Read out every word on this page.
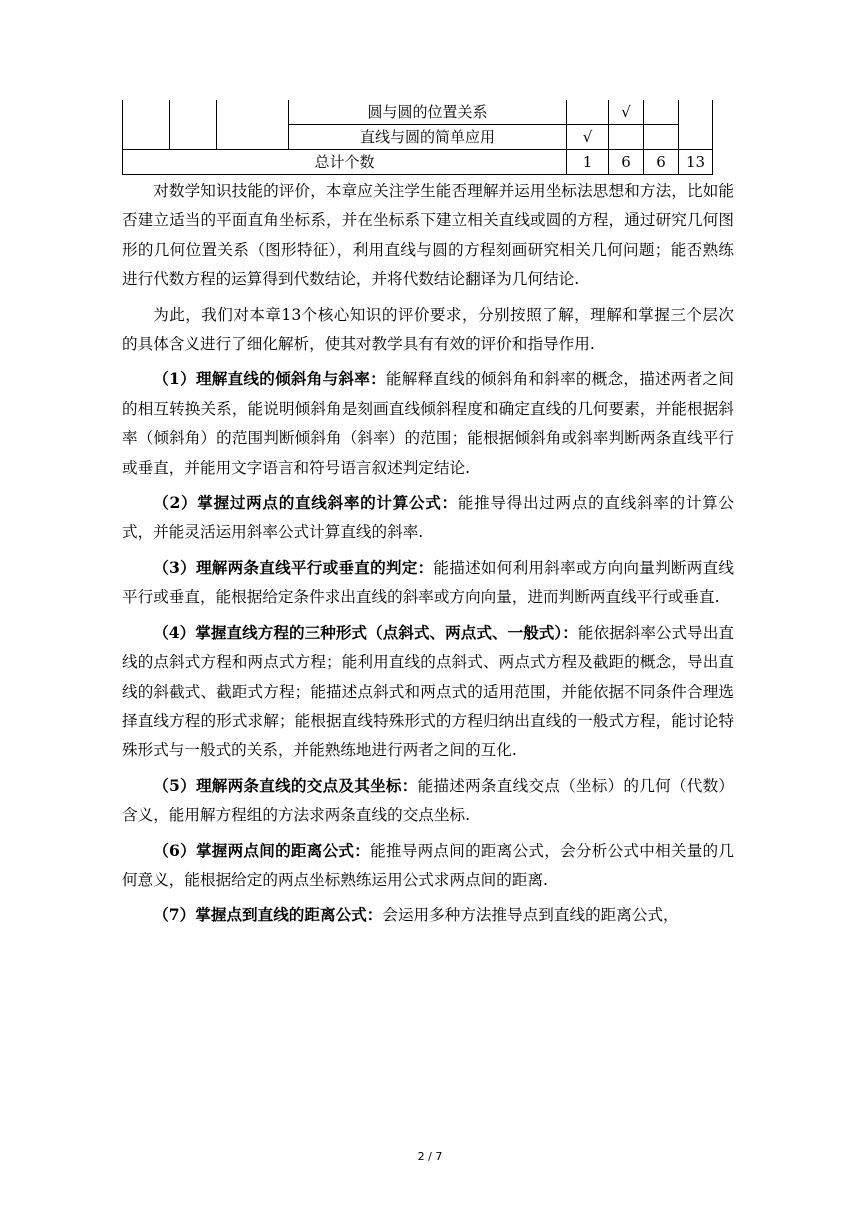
			圆与圆的位置关系		√		
			直线与圆的简单应用	√			
总计个数				1	6	6	13

对数学知识技能的评价，本章应关注学生能否理解并运用坐标法思想和方法，比如能否建立适当的平面直角坐标系，并在坐标系下建立相关直线或圆的方程，通过研究几何图形的几何位置关系（图形特征），利用直线与圆的方程刻画研究相关几何问题；能否熟练进行代数方程的运算得到代数结论，并将代数结论翻译为几何结论.

为此，我们对本章13个核心知识的评价要求，分别按照了解，理解和掌握三个层次的具体含义进行了细化解析，使其对教学具有有效的评价和指导作用.

（1）理解直线的倾斜角与斜率：能解释直线的倾斜角和斜率的概念，描述两者之间的相互转换关系，能说明倾斜角是刻画直线倾斜程度和确定直线的几何要素，并能根据斜率（倾斜角）的范围判断倾斜角（斜率）的范围；能根据倾斜角或斜率判断两条直线平行或垂直，并能用文字语言和符号语言叙述判定结论.

（2）掌握过两点的直线斜率的计算公式：能推导得出过两点的直线斜率的计算公式，并能灵活运用斜率公式计算直线的斜率.

（3）理解两条直线平行或垂直的判定：能描述如何利用斜率或方向向量判断两直线平行或垂直，能根据给定条件求出直线的斜率或方向向量，进而判断两直线平行或垂直.

（4）掌握直线方程的三种形式（点斜式、两点式、一般式）：能依据斜率公式导出直线的点斜式方程和两点式方程；能利用直线的点斜式、两点式方程及截距的概念，导出直线的斜截式、截距式方程；能描述点斜式和两点式的适用范围，并能依据不同条件合理选择直线方程的形式求解；能根据直线特殊形式的方程归纳出直线的一般式方程，能讨论特殊形式与一般式的关系，并能熟练地进行两者之间的互化.

（5）理解两条直线的交点及其坐标：能描述两条直线交点（坐标）的几何（代数）含义，能用解方程组的方法求两条直线的交点坐标.

（6）掌握两点间的距离公式：能推导两点间的距离公式，会分析公式中相关量的几何意义，能根据给定的两点坐标熟练运用公式求两点间的距离.

（7）掌握点到直线的距离公式：会运用多种方法推导点到直线的距离公式，

2 / 7
